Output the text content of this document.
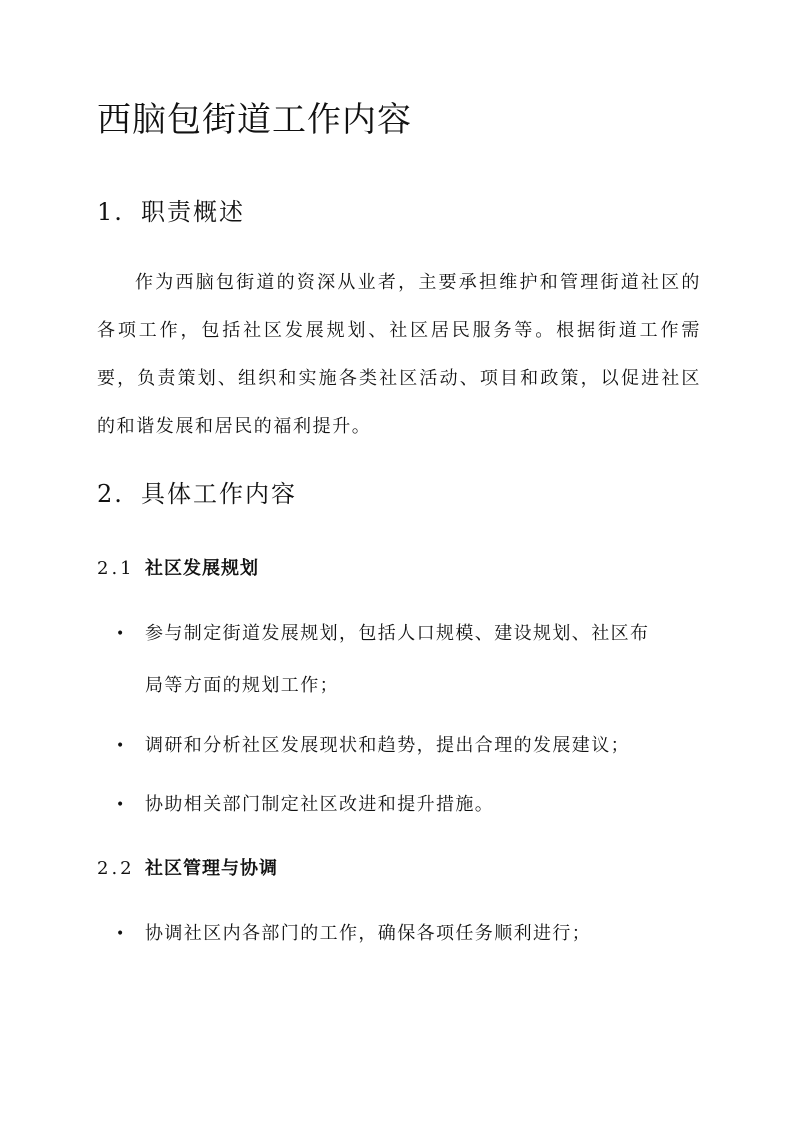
西脑包街道工作内容
1. 职责概述
作为西脑包街道的资深从业者，主要承担维护和管理街道社区的各项工作，包括社区发展规划、社区居民服务等。根据街道工作需要，负责策划、组织和实施各类社区活动、项目和政策，以促进社区的和谐发展和居民的福利提升。
2. 具体工作内容
2.1 社区发展规划
• 参与制定街道发展规划，包括人口规模、建设规划、社区布局等方面的规划工作；
• 调研和分析社区发展现状和趋势，提出合理的发展建议；
• 协助相关部门制定社区改进和提升措施。
2.2 社区管理与协调
• 协调社区内各部门的工作，确保各项任务顺利进行；
